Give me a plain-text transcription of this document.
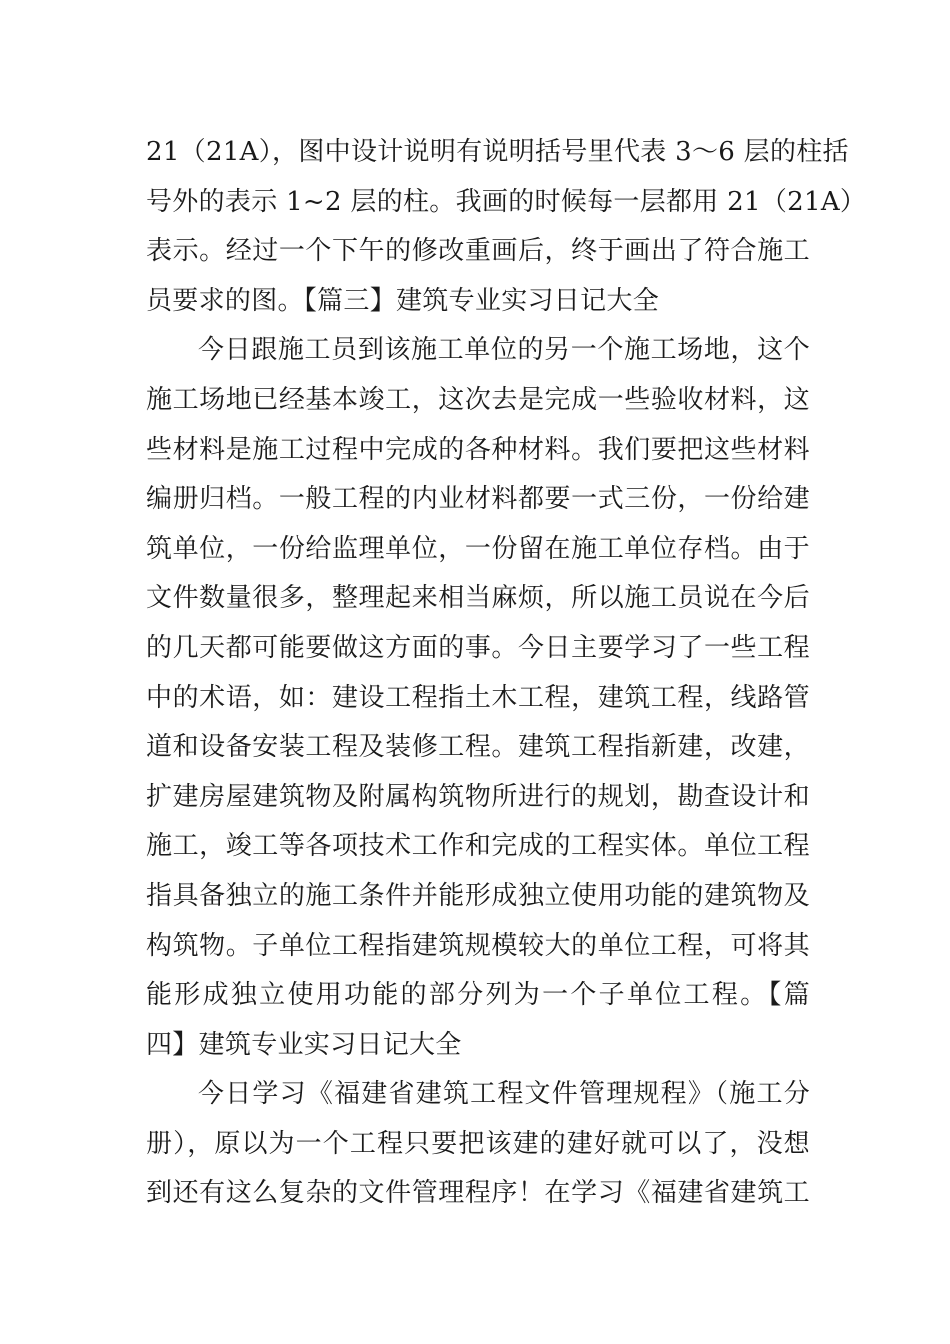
21（21A），图中设计说明有说明括号里代表 3～6 层的柱括
号外的表示 1~2 层的柱。我画的时候每一层都用 21（21A）
表示。经过一个下午的修改重画后，终于画出了符合施工
员要求的图。【篇三】建筑专业实习日记大全
今日跟施工员到该施工单位的另一个施工场地，这个
施工场地已经基本竣工，这次去是完成一些验收材料，这
些材料是施工过程中完成的各种材料。我们要把这些材料
编册归档。一般工程的内业材料都要一式三份，一份给建
筑单位，一份给监理单位，一份留在施工单位存档。由于
文件数量很多，整理起来相当麻烦，所以施工员说在今后
的几天都可能要做这方面的事。今日主要学习了一些工程
中的术语，如：建设工程指土木工程，建筑工程，线路管
道和设备安装工程及装修工程。建筑工程指新建，改建，
扩建房屋建筑物及附属构筑物所进行的规划，勘查设计和
施工，竣工等各项技术工作和完成的工程实体。单位工程
指具备独立的施工条件并能形成独立使用功能的建筑物及
构筑物。子单位工程指建筑规模较大的单位工程，可将其
能形成独立使用功能的部分列为一个子单位工程。【篇
四】建筑专业实习日记大全
今日学习《福建省建筑工程文件管理规程》（施工分
册），原以为一个工程只要把该建的建好就可以了，没想
到还有这么复杂的文件管理程序！在学习《福建省建筑工
